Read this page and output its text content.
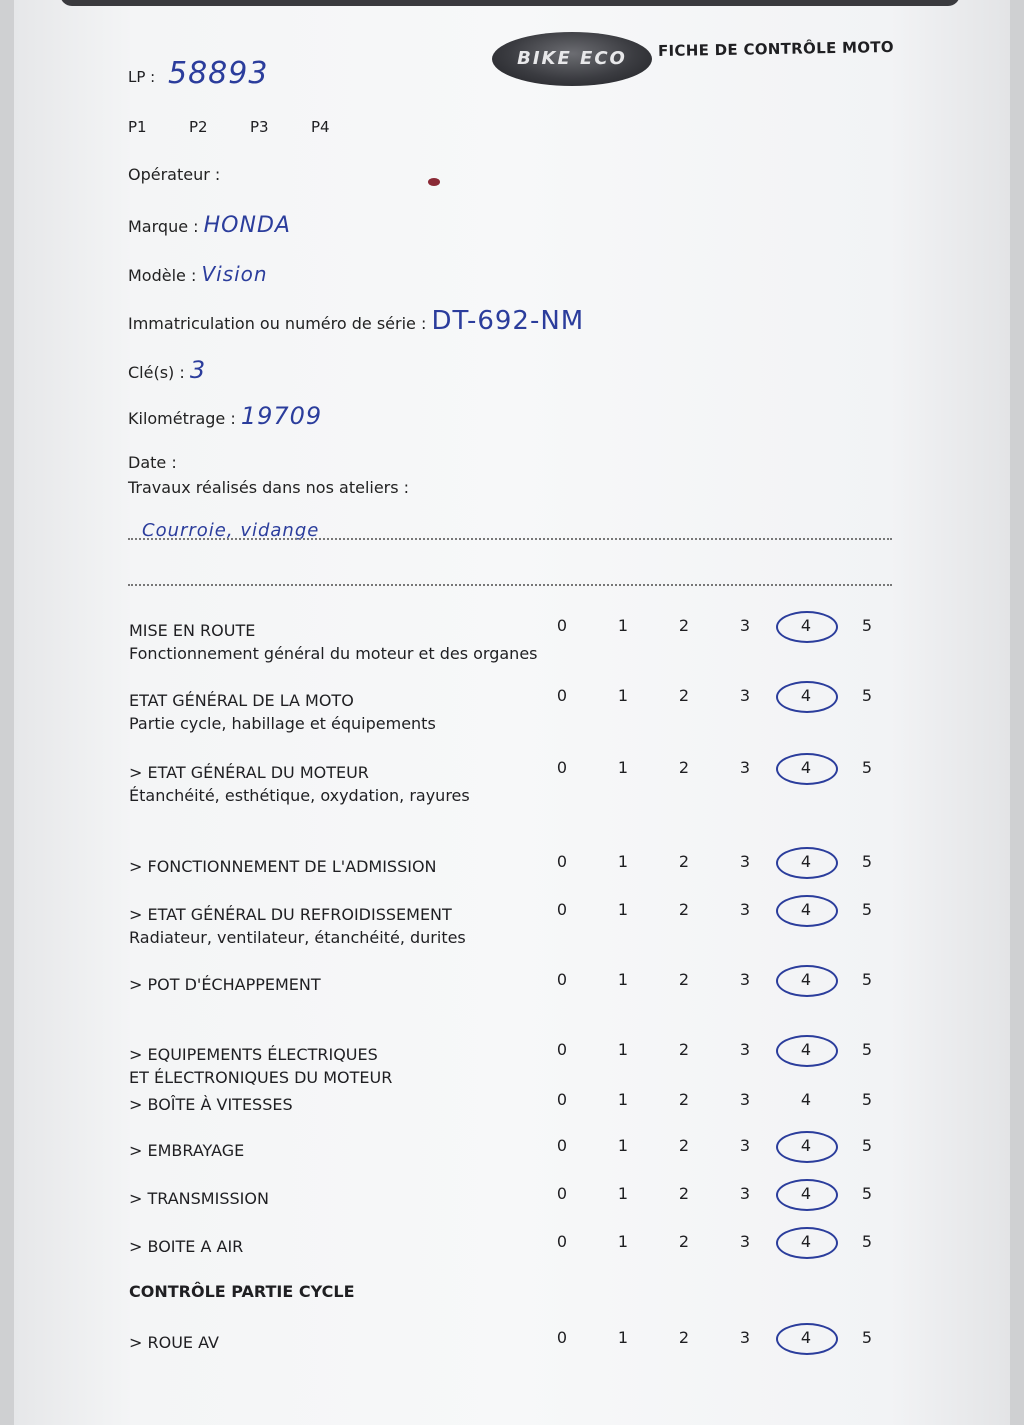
BIKE ECO	FICHE DE CONTRÔLE MOTO
LP : 58893
P1	P2	P3	P4
Opérateur :
Marque : HONDA
Modèle : Vision
Immatriculation ou numéro de série : DT-692-NM
Clé(s) : 3
Kilométrage : 19709
Date :
Travaux réalisés dans nos ateliers :
Courroie, vidange
MISE EN ROUTE
Fonctionnement général du moteur et des organes
0	1	2	3	4	5
ETAT GÉNÉRAL DE LA MOTO
Partie cycle, habillage et équipements
0	1	2	3	4	5
> ETAT GÉNÉRAL DU MOTEUR
Étanchéité, esthétique, oxydation, rayures
0	1	2	3	4	5
> FONCTIONNEMENT DE L'ADMISSION	0	1	2	3	4	5
> ETAT GÉNÉRAL DU REFROIDISSEMENT
Radiateur, ventilateur, étanchéité, durites
0	1	2	3	4	5
> POT D'ÉCHAPPEMENT	0	1	2	3	4	5
> EQUIPEMENTS ÉLECTRIQUES
ET ÉLECTRONIQUES DU MOTEUR
0	1	2	3	4	5
> BOÎTE À VITESSES	0	1	2	3	4	5
> EMBRAYAGE	0	1	2	3	4	5
> TRANSMISSION	0	1	2	3	4	5
> BOITE A AIR	0	1	2	3	4	5
> ROUE AV	0	1	2	3	4	5
CONTRÔLE PARTIE CYCLE
